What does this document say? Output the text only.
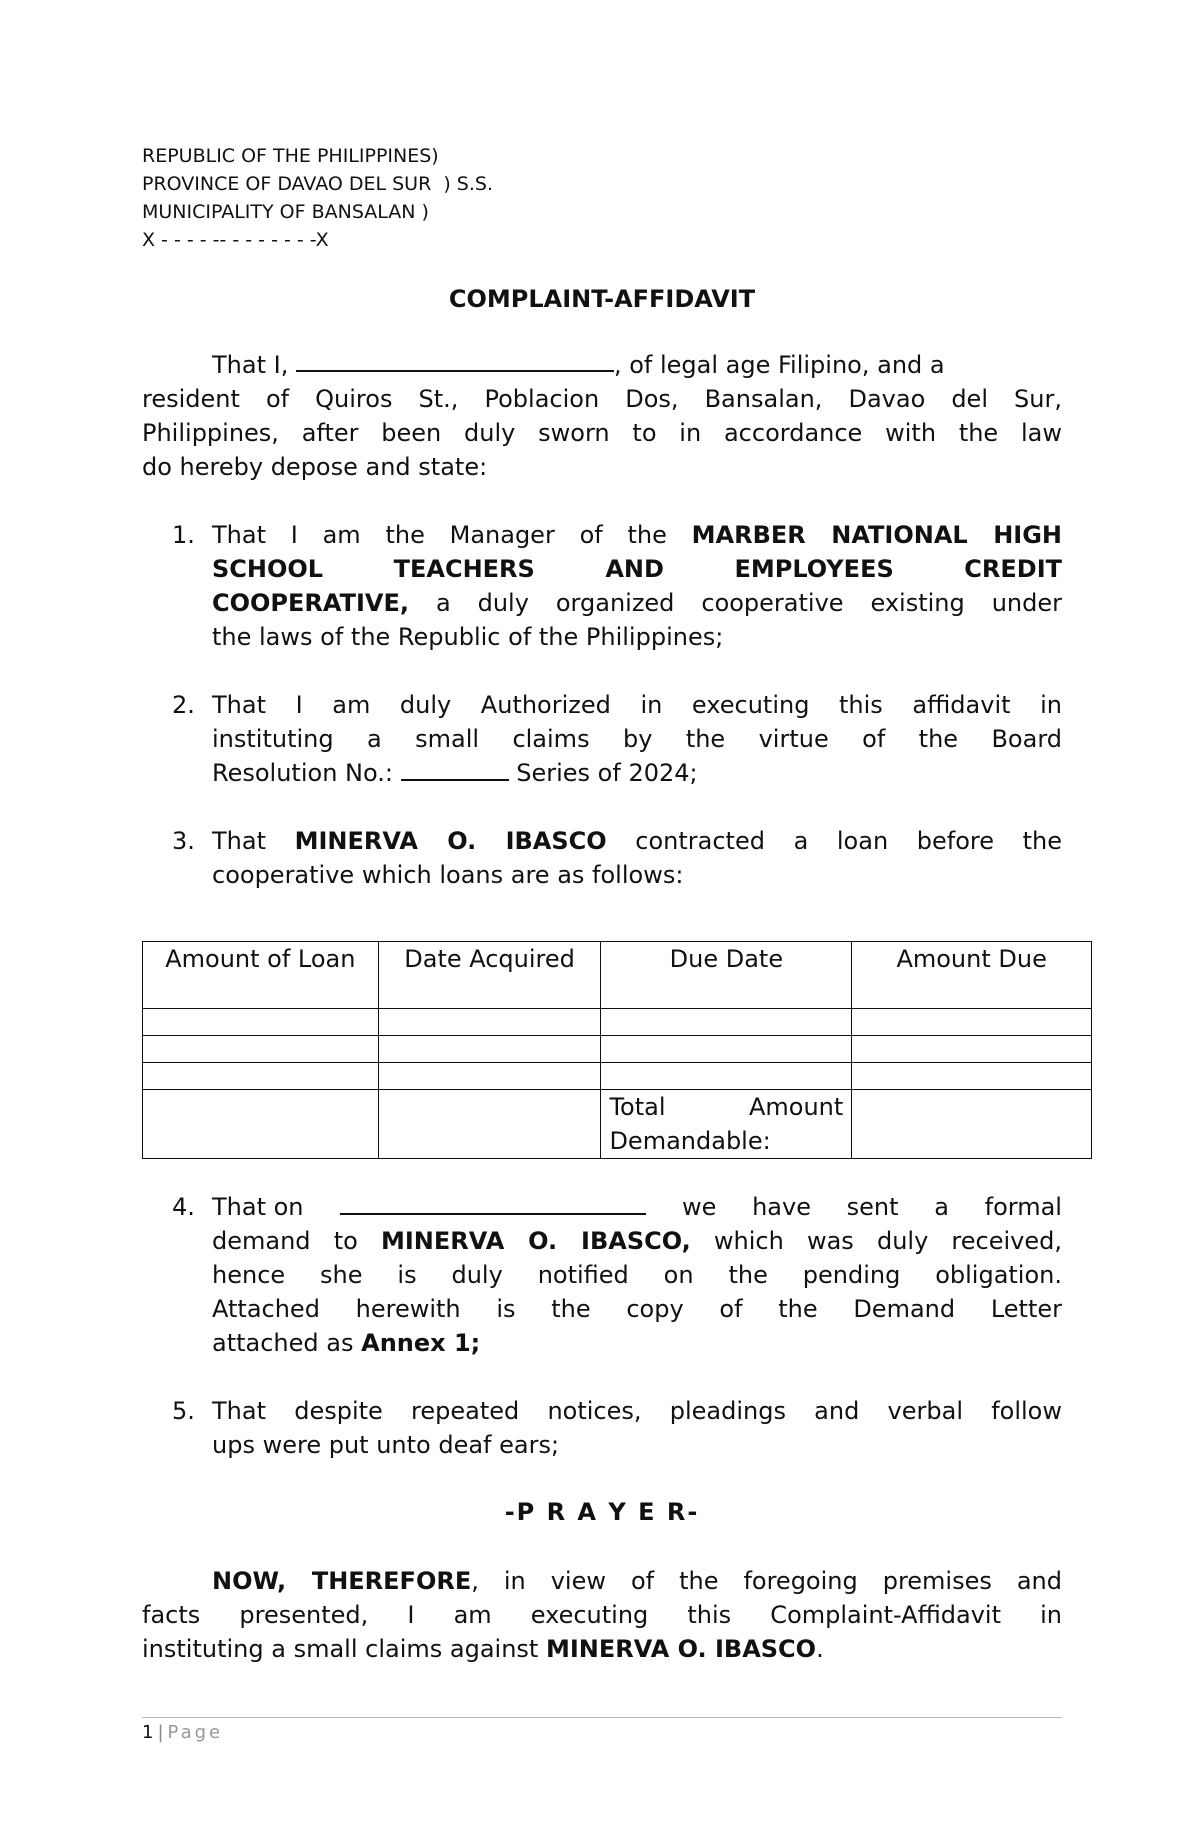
REPUBLIC OF THE PHILIPPINES)
PROVINCE OF DAVAO DEL SUR  ) S.S.
MUNICIPALITY OF BANSALAN )
X - - - - -- - - - - - - -X
COMPLAINT-AFFIDAVIT
That I,
	, of legal age Filipino, and a
resident of Quiros St., Poblacion Dos, Bansalan, Davao del Sur,
Philippines, after been duly sworn to in accordance with the law
do hereby depose and state:
1. That I am the Manager of the MARBER NATIONAL HIGH
SCHOOL TEACHERS AND EMPLOYEES CREDIT
COOPERATIVE, a duly organized cooperative existing under
the laws of the Republic of the Philippines;
2. That I am duly Authorized in executing this affidavit in
instituting a small claims by the virtue of the Board
Resolution No.:	Series of 2024;
3. That MINERVA O. IBASCO contracted a loan before the
cooperative which loans are as follows:
Amount of Loan	Date Acquired	Due Date	Amount Due

		Total Amount
Demandable:	

4. That on	we have sent a formal
demand to MINERVA O. IBASCO, which was duly received,
hence she is duly notified on the pending obligation.
Attached herewith is the copy of the Demand Letter
attached as Annex 1;
5. That despite repeated notices, pleadings and verbal follow
ups were put unto deaf ears;
-P R A Y E R-
NOW, THEREFORE, in view of the foregoing premises and
facts presented, I am executing this Complaint-Affidavit in
instituting a small claims against MINERVA O. IBASCO.
1 | Page
